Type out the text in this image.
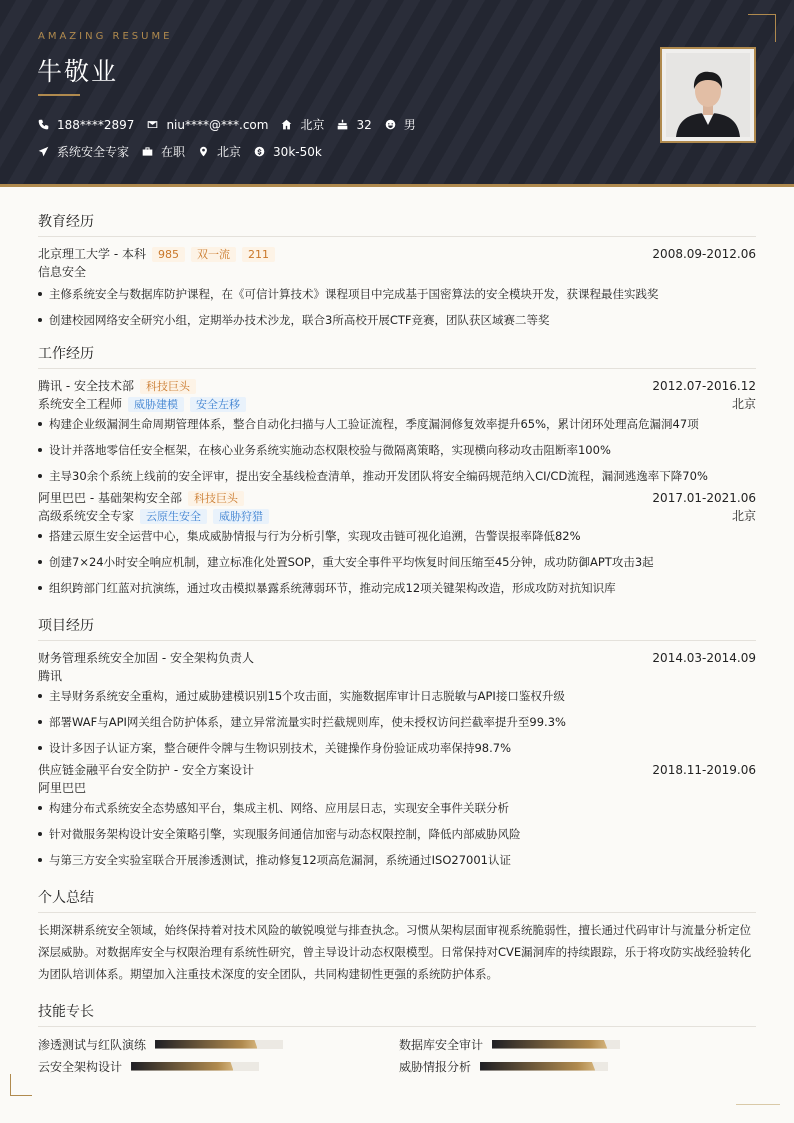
AMAZING RESUME
牛敬业
188****2897	niu****@***.com	北京	32	男
系统安全专家	在职	北京	30k-50k
教育经历
北京理工大学 - 本科	985	双一流	211	2008.09-2012.06
信息安全
主修系统安全与数据库防护课程，在《可信计算技术》课程项目中完成基于国密算法的安全模块开发，获课程最佳实践奖
创建校园网络安全研究小组，定期举办技术沙龙，联合3所高校开展CTF竞赛，团队获区域赛二等奖
工作经历
腾讯 - 安全技术部	科技巨头	2012.07-2016.12
系统安全工程师	威胁建模	安全左移	北京
构建企业级漏洞生命周期管理体系，整合自动化扫描与人工验证流程，季度漏洞修复效率提升65%，累计闭环处理高危漏洞47项
设计并落地零信任安全框架，在核心业务系统实施动态权限校验与微隔离策略，实现横向移动攻击阻断率100%
主导30余个系统上线前的安全评审，提出安全基线检查清单，推动开发团队将安全编码规范纳入CI/CD流程，漏洞逃逸率下降70%
阿里巴巴 - 基础架构安全部	科技巨头	2017.01-2021.06
高级系统安全专家	云原生安全	威胁狩猎	北京
搭建云原生安全运营中心，集成威胁情报与行为分析引擎，实现攻击链可视化追溯，告警误报率降低82%
创建7×24小时安全响应机制，建立标准化处置SOP，重大安全事件平均恢复时间压缩至45分钟，成功防御APT攻击3起
组织跨部门红蓝对抗演练，通过攻击模拟暴露系统薄弱环节，推动完成12项关键架构改造，形成攻防对抗知识库
项目经历
财务管理系统安全加固 - 安全架构负责人	2014.03-2014.09
腾讯
主导财务系统安全重构，通过威胁建模识别15个攻击面，实施数据库审计日志脱敏与API接口鉴权升级
部署WAF与API网关组合防护体系，建立异常流量实时拦截规则库，使未授权访问拦截率提升至99.3%
设计多因子认证方案，整合硬件令牌与生物识别技术，关键操作身份验证成功率保持98.7%
供应链金融平台安全防护 - 安全方案设计	2018.11-2019.06
阿里巴巴
构建分布式系统安全态势感知平台，集成主机、网络、应用层日志，实现安全事件关联分析
针对微服务架构设计安全策略引擎，实现服务间通信加密与动态权限控制，降低内部威胁风险
与第三方安全实验室联合开展渗透测试，推动修复12项高危漏洞，系统通过ISO27001认证
个人总结
长期深耕系统安全领域，始终保持着对技术风险的敏锐嗅觉与排查执念。习惯从架构层面审视系统脆弱性，擅长通过代码审计与流量分析定位深层威胁。对数据库安全与权限治理有系统性研究，曾主导设计动态权限模型。日常保持对CVE漏洞库的持续跟踪，乐于将攻防实战经验转化为团队培训体系。期望加入注重技术深度的安全团队，共同构建韧性更强的系统防护体系。
技能专长
渗透测试与红队演练	数据库安全审计
云安全架构设计	威胁情报分析
